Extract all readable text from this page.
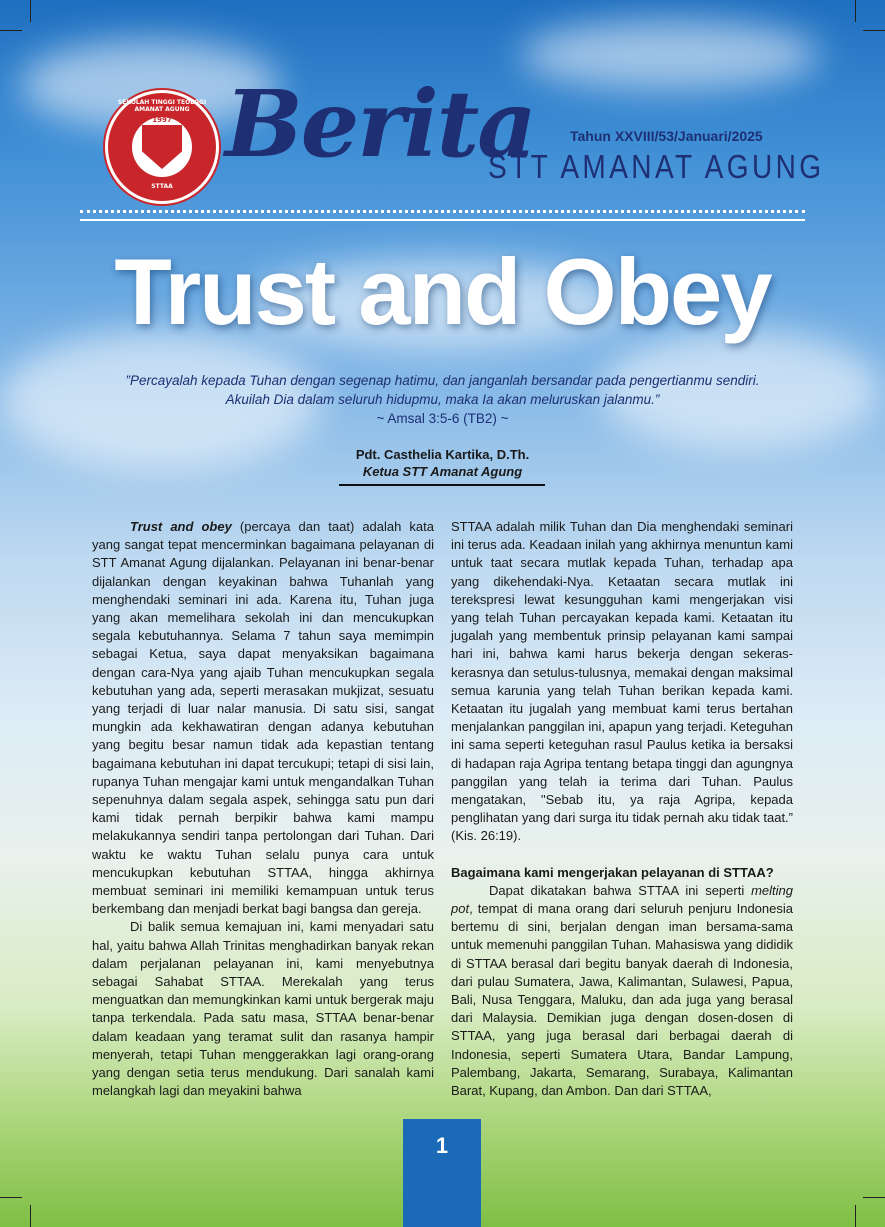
SEKOLAH TINGGI TEOLOGI AMANAT AGUNG
1997
STTAA
Berita	Tahun XXVIII/53/Januari/2025
STT AMANAT AGUNG
Trust and Obey
”Percayalah kepada Tuhan dengan segenap hatimu, dan janganlah bersandar pada pengertianmu sendiri.
Akuilah Dia dalam seluruh hidupmu, maka Ia akan meluruskan jalanmu.”
~ Amsal 3:5-6 (TB2) ~
Pdt. Casthelia Kartika, D.Th.
Ketua STT Amanat Agung

Trust and obey (percaya dan taat) adalah kata yang sangat tepat mencerminkan bagaimana pelayanan di STT Amanat Agung dijalankan. Pelayanan ini benar-benar dijalankan dengan keyakinan bahwa Tuhanlah yang menghendaki seminari ini ada. Karena itu, Tuhan juga yang akan memelihara sekolah ini dan mencukupkan segala kebutuhannya. Selama 7 tahun saya memimpin sebagai Ketua, saya dapat menyaksikan bagaimana dengan cara-Nya yang ajaib Tuhan mencukupkan segala kebutuhan yang ada, seperti merasakan mukjizat, sesuatu yang terjadi di luar nalar manusia. Di satu sisi, sangat mungkin ada kekhawatiran dengan adanya kebutuhan yang begitu besar namun tidak ada kepastian tentang bagaimana kebutuhan ini dapat tercukupi; tetapi di sisi lain, rupanya Tuhan mengajar kami untuk mengandalkan Tuhan sepenuhnya dalam segala aspek, sehingga satu pun dari kami tidak pernah berpikir bahwa kami mampu melakukannya sendiri tanpa pertolongan dari Tuhan. Dari waktu ke waktu Tuhan selalu punya cara untuk mencukupkan kebutuhan STTAA, hingga akhirnya membuat seminari ini memiliki kemampuan untuk terus berkembang dan menjadi berkat bagi bangsa dan gereja.

Di balik semua kemajuan ini, kami menyadari satu hal, yaitu bahwa Allah Trinitas menghadirkan banyak rekan dalam perjalanan pelayanan ini, kami menyebutnya sebagai Sahabat STTAA. Merekalah yang terus menguatkan dan memungkinkan kami untuk bergerak maju tanpa terkendala. Pada satu masa, STTAA benar-benar dalam keadaan yang teramat sulit dan rasanya hampir menyerah, tetapi Tuhan menggerakkan lagi orang-orang yang dengan setia terus mendukung. Dari sanalah kami melangkah lagi dan meyakini bahwa

STTAA adalah milik Tuhan dan Dia menghendaki seminari ini terus ada. Keadaan inilah yang akhirnya menuntun kami untuk taat secara mutlak kepada Tuhan, terhadap apa yang dikehendaki-Nya. Ketaatan secara mutlak ini terekspresi lewat kesungguhan kami mengerjakan visi yang telah Tuhan percayakan kepada kami. Ketaatan itu jugalah yang membentuk prinsip pelayanan kami sampai hari ini, bahwa kami harus bekerja dengan sekeras-kerasnya dan setulus-tulusnya, memakai dengan maksimal semua karunia yang telah Tuhan berikan kepada kami. Ketaatan itu jugalah yang membuat kami terus bertahan menjalankan panggilan ini, apapun yang terjadi. Keteguhan ini sama seperti keteguhan rasul Paulus ketika ia bersaksi di hadapan raja Agripa tentang betapa tinggi dan agungnya panggilan yang telah ia terima dari Tuhan. Paulus mengatakan, "Sebab itu, ya raja Agripa, kepada penglihatan yang dari surga itu tidak pernah aku tidak taat.” (Kis. 26:19).

Bagaimana kami mengerjakan pelayanan di STTAA?

Dapat dikatakan bahwa STTAA ini seperti melting pot, tempat di mana orang dari seluruh penjuru Indonesia bertemu di sini, berjalan dengan iman bersama-sama untuk memenuhi panggilan Tuhan. Mahasiswa yang dididik di STTAA berasal dari begitu banyak daerah di Indonesia, dari pulau Sumatera, Jawa, Kalimantan, Sulawesi, Papua, Bali, Nusa Tenggara, Maluku, dan ada juga yang berasal dari Malaysia. Demikian juga dengan dosen-dosen di STTAA, yang juga berasal dari berbagai daerah di Indonesia, seperti Sumatera Utara, Bandar Lampung, Palembang, Jakarta, Semarang, Surabaya, Kalimantan Barat, Kupang, dan Ambon. Dan dari STTAA,

1
